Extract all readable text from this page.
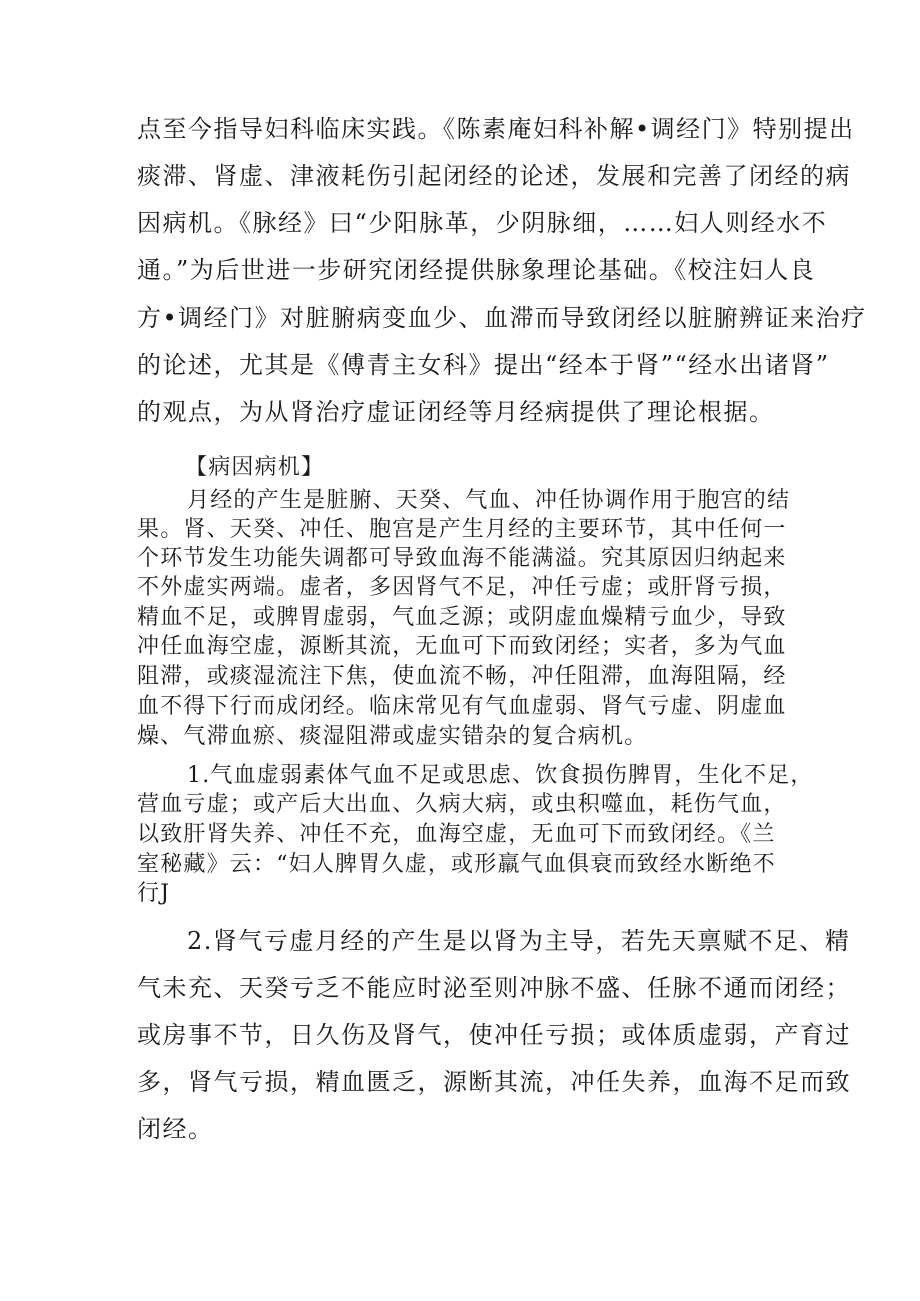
点至今指导妇科临床实践。《陈素庵妇科补解•调经门》特别提出
痰滞、肾虚、津液耗伤引起闭经的论述，发展和完善了闭经的病
因病机。《脉经》曰“少阳脉革，少阴脉细，……妇人则经水不
通。”为后世进一步研究闭经提供脉象理论基础。《校注妇人良
方•调经门》对脏腑病变血少、血滞而导致闭经以脏腑辨证来治疗
的论述，尤其是《傅青主女科》提出“经本于肾”“经水出诸肾”
的观点，为从肾治疗虚证闭经等月经病提供了理论根据。
【病因病机】
月经的产生是脏腑、天癸、气血、冲任协调作用于胞宫的结
果。肾、天癸、冲任、胞宫是产生月经的主要环节，其中任何一
个环节发生功能失调都可导致血海不能满溢。究其原因归纳起来
不外虚实两端。虚者，多因肾气不足，冲任亏虚；或肝肾亏损，
精血不足，或脾胃虚弱，气血乏源；或阴虚血燥精亏血少，导致
冲任血海空虚，源断其流，无血可下而致闭经；实者，多为气血
阻滞，或痰湿流注下焦，使血流不畅，冲任阻滞，血海阻隔，经
血不得下行而成闭经。临床常见有气血虚弱、肾气亏虚、阴虚血
燥、气滞血瘀、痰湿阻滞或虚实错杂的复合病机。
1.气血虚弱素体气血不足或思虑、饮食损伤脾胃，生化不足，
营血亏虚；或产后大出血、久病大病，或虫积噬血，耗伤气血，
以致肝肾失养、冲任不充，血海空虚，无血可下而致闭经。《兰
室秘藏》云：“妇人脾胃久虚，或形羸气血俱衰而致经水断绝不
行J
2.肾气亏虚月经的产生是以肾为主导，若先天禀赋不足、精
气未充、天癸亏乏不能应时泌至则冲脉不盛、任脉不通而闭经；
或房事不节，日久伤及肾气，使冲任亏损；或体质虚弱，产育过
多，肾气亏损，精血匮乏，源断其流，冲任失养，血海不足而致
闭经。
